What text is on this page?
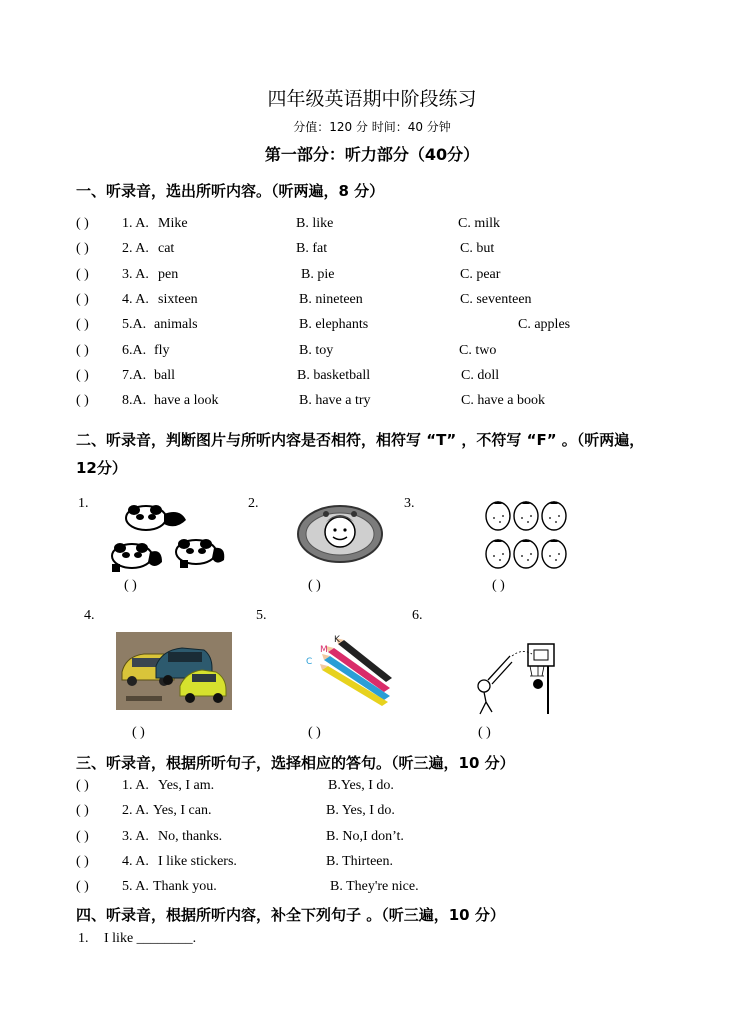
四年级英语期中阶段练习
分值：120 分 时间：40 分钟
第一部分：听力部分（40分）
一、听录音，选出所听内容。（听两遍，8 分）
( ) 1. A. Mike	B. like	C. milk
( ) 2. A. cat	B. fat	C. but
( ) 3. A. pen	B. pie	C. pear
( ) 4. A. sixteen	B. nineteen	C. seventeen
( ) 5.A. animals	B. elephants	C. apples
( ) 6.A. fly	B. toy	C. two
( ) 7.A. ball	B. basketball	C. doll
( ) 8.A. have a look	B. have a try	C. have a book
二、听录音，判断图片与所听内容是否相符，相符写 “T” ，不符写 “F” 。（听两遍，
12分）
1.	2.	3.
4.	5.	6.
( )	( )	( )
C
M
K
( )	( )	( )
三、听录音，根据所听句子，选择相应的答句。（听三遍，10 分）
( ) 1. A. Yes, I am.	B.Yes, I do.
( ) 2. A. Yes, I can.	B. Yes, I do.
( ) 3. A. No, thanks.	B. No,I don’t.
( ) 4. A. I like stickers.	B. Thirteen.
( ) 5. A. Thank you.	B. They're nice.
四、听录音，根据所听内容，补全下列句子 。（听三遍，10 分）
1. I like ________.
